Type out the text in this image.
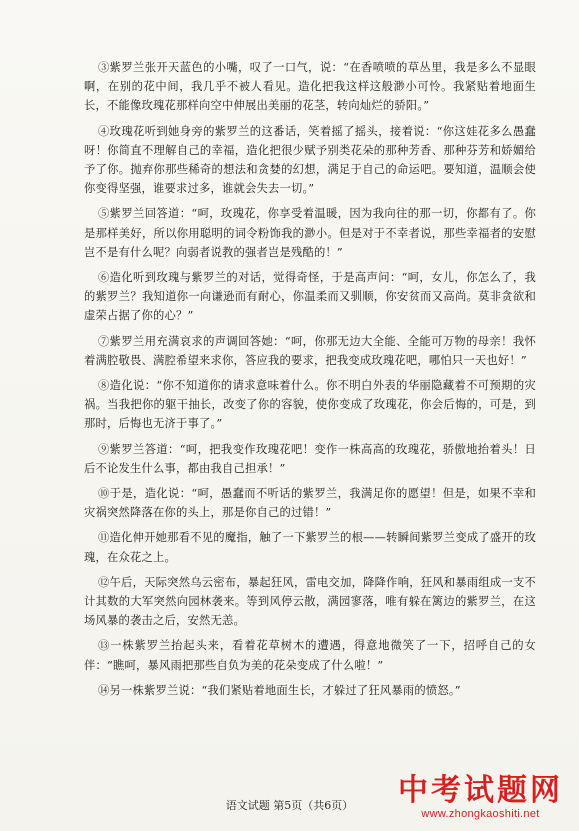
③紫罗兰张开天蓝色的小嘴，叹了一口气，说：“在香喷喷的草丛里，我是多么不显眼啊，在别的花中间，我几乎不被人看见。造化把我这样这般渺小可怜。我紧贴着地面生长，不能像玫瑰花那样向空中伸展出美丽的花茎，转向灿烂的骄阳。”

④玫瑰花听到她身旁的紫罗兰的这番话，笑着摇了摇头，接着说：“你这娃花多么愚蠢呀！你简直不理解自己的幸福，造化把很少赋予别类花朵的那种芳香、那种芬芳和娇媚给予了你。抛弃你那些稀奇的想法和贪婪的幻想，满足于自己的命运吧。要知道，温顺会使你变得坚强，谁要求过多，谁就会失去一切。”

⑤紫罗兰回答道：“呵，玫瑰花，你享受着温暖，因为我向往的那一切，你都有了。你是那样美好，所以你用聪明的词令粉饰我的渺小。但是对于不幸者说，那些幸福者的安慰岂不是有什么呢？向弱者说教的强者岂是残酷的！”

⑥造化听到玫瑰与紫罗兰的对话，觉得奇怪，于是高声问：“呵，女儿，你怎么了，我的紫罗兰？我知道你一向谦逊而有耐心，你温柔而又驯顺，你安贫而又高尚。莫非贪欲和虚荣占据了你的心？”

⑦紫罗兰用充满哀求的声调回答她：“呵，你那无边大全能、全能可万物的母亲！我怀着满腔敬畏、满腔希望来求你，答应我的要求，把我变成玫瑰花吧，哪怕只一天也好！”

⑧造化说：“你不知道你的请求意味着什么。你不明白外表的华丽隐藏着不可预期的灾祸。当我把你的躯干抽长，改变了你的容貌，使你变成了玫瑰花，你会后悔的，可是，到那时，后悔也无济于事了。”

⑨紫罗兰答道：“呵，把我变作玫瑰花吧！变作一株高高的玫瑰花，骄傲地抬着头！日后不论发生什么事，都由我自己担承！”

⑩于是，造化说：“呵，愚蠢而不听话的紫罗兰，我满足你的愿望！但是，如果不幸和灾祸突然降落在你的头上，那是你自己的过错！”

⑪造化伸开她那看不见的魔指，触了一下紫罗兰的根——转瞬间紫罗兰变成了盛开的玫瑰，在众花之上。

⑫午后，天际突然乌云密布，暴起狂风，雷电交加，降降作响，狂风和暴雨组成一支不计其数的大军突然向园林袭来。等到风停云散，满园寥落，唯有躲在篱边的紫罗兰，在这场风暴的袭击之后，安然无恙。

⑬一株紫罗兰抬起头来，看着花草树木的遭遇，得意地微笑了一下，招呼自己的女伴：“瞧呵，暴风雨把那些自负为美的花朵变成了什么啦！”

⑭另一株紫罗兰说：“我们紧贴着地面生长，才躲过了狂风暴雨的愤怒。”

语文试题 第5页（共6页）	中考试题网
www.zhongkaoshiti.net
